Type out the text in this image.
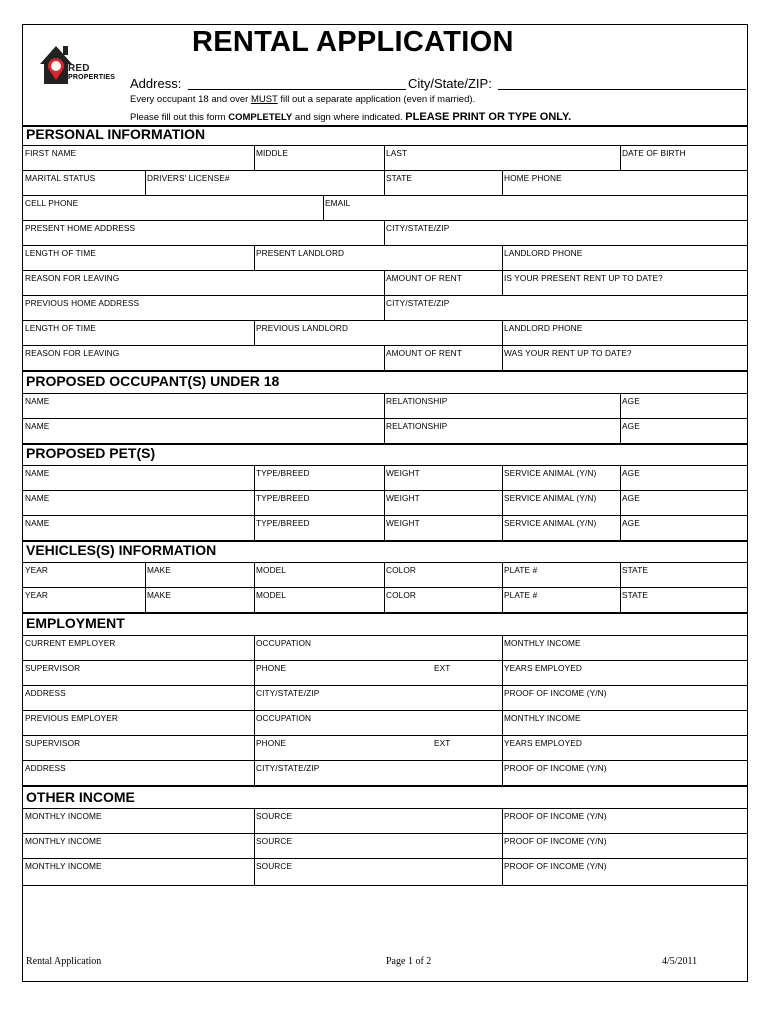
RED
PROPERTIES
RENTAL APPLICATION
Address:	City/State/ZIP:
Every occupant 18 and over MUST fill out a separate application (even if married).
Please fill out this form COMPLETELY and sign where indicated. PLEASE PRINT OR TYPE ONLY.
PERSONAL INFORMATION
FIRST NAME	MIDDLE	LAST	DATE OF BIRTH
MARITAL STATUS	DRIVERS' LICENSE#	STATE	HOME PHONE
CELL PHONE	EMAIL
PRESENT HOME ADDRESS	CITY/STATE/ZIP
LENGTH OF TIME	PRESENT LANDLORD	LANDLORD PHONE
REASON FOR LEAVING	AMOUNT OF RENT	IS YOUR PRESENT RENT UP TO DATE?
PREVIOUS HOME ADDRESS	CITY/STATE/ZIP
LENGTH OF TIME	PREVIOUS LANDLORD	LANDLORD PHONE
REASON FOR LEAVING	AMOUNT OF RENT	WAS YOUR RENT UP TO DATE?
PROPOSED OCCUPANT(S) UNDER 18
NAME	RELATIONSHIP	AGE
NAME	RELATIONSHIP	AGE
PROPOSED PET(S)
NAME	TYPE/BREED	WEIGHT	SERVICE ANIMAL (Y/N)	AGE
NAME	TYPE/BREED	WEIGHT	SERVICE ANIMAL (Y/N)	AGE
NAME	TYPE/BREED	WEIGHT	SERVICE ANIMAL (Y/N)	AGE
VEHICLES(S) INFORMATION
YEAR	MAKE	MODEL	COLOR	PLATE #	STATE
YEAR	MAKE	MODEL	COLOR	PLATE #	STATE
EMPLOYMENT
CURRENT EMPLOYER	OCCUPATION	MONTHLY INCOME
SUPERVISOR	PHONE	EXT	YEARS EMPLOYED
ADDRESS	CITY/STATE/ZIP	PROOF OF INCOME (Y/N)
PREVIOUS EMPLOYER	OCCUPATION	MONTHLY INCOME
SUPERVISOR	PHONE	EXT	YEARS EMPLOYED
ADDRESS	CITY/STATE/ZIP	PROOF OF INCOME (Y/N)
OTHER INCOME
MONTHLY INCOME	SOURCE	PROOF OF INCOME (Y/N)
MONTHLY INCOME	SOURCE	PROOF OF INCOME (Y/N)
MONTHLY INCOME	SOURCE	PROOF OF INCOME (Y/N)
Rental Application	Page 1 of 2	4/5/2011
